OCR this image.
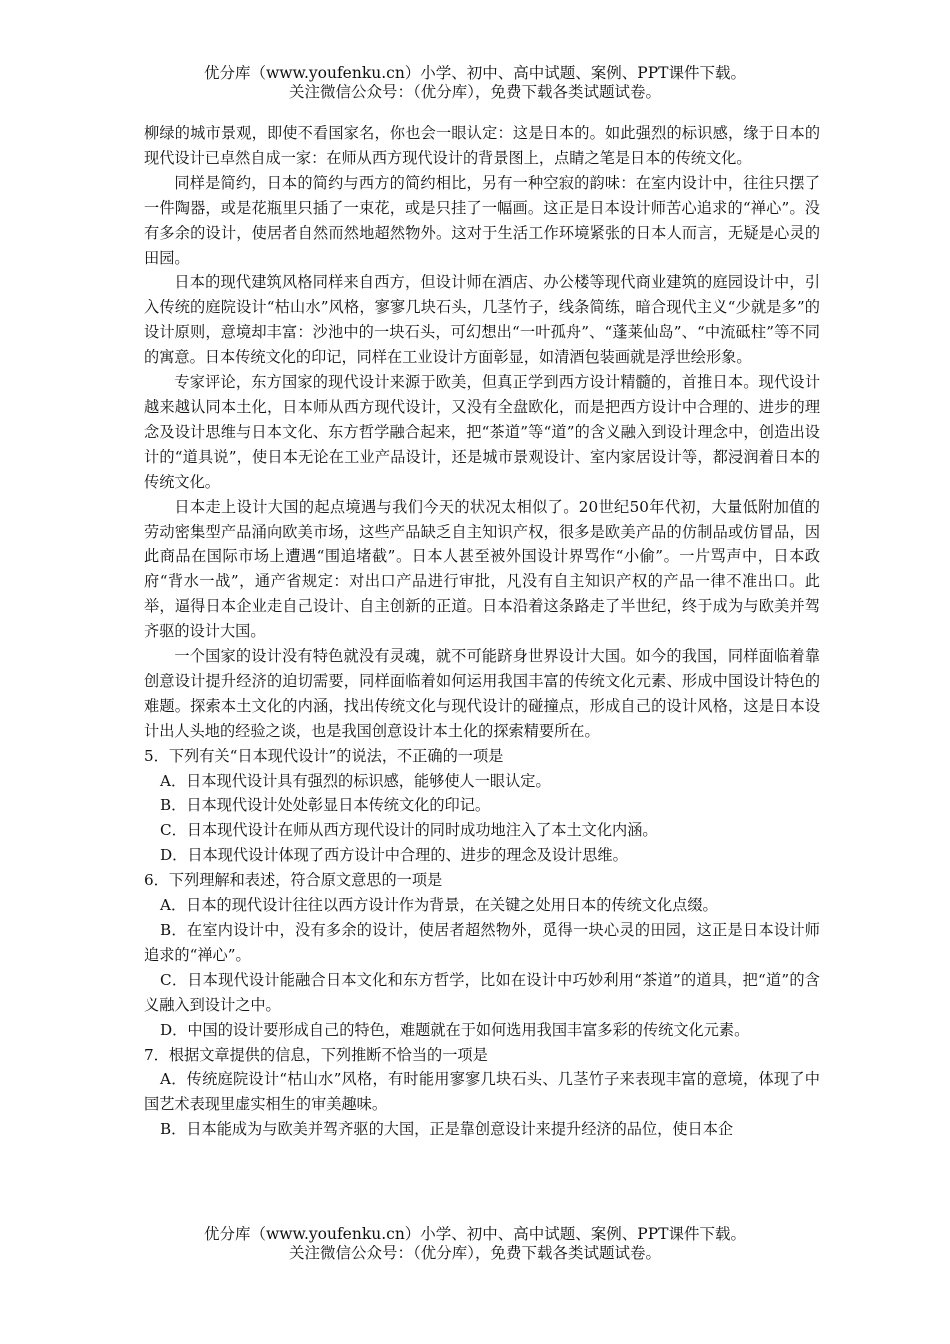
优分库（www.youfenku.cn）小学、初中、高中试题、案例、PPT课件下载。
关注微信公众号：（优分库），免费下载各类试题试卷。

柳绿的城市景观，即使不看国家名，你也会一眼认定：这是日本的。如此强烈的标识感，缘于日本的现代设计已卓然自成一家：在师从西方现代设计的背景图上，点睛之笔是日本的传统文化。

同样是简约，日本的简约与西方的简约相比，另有一种空寂的韵味：在室内设计中，往往只摆了一件陶器，或是花瓶里只插了一束花，或是只挂了一幅画。这正是日本设计师苦心追求的“禅心”。没有多余的设计，使居者自然而然地超然物外。这对于生活工作环境紧张的日本人而言，无疑是心灵的田园。

日本的现代建筑风格同样来自西方，但设计师在酒店、办公楼等现代商业建筑的庭园设计中，引入传统的庭院设计“枯山水”风格，寥寥几块石头，几茎竹子，线条简练，暗合现代主义“少就是多”的设计原则，意境却丰富：沙池中的一块石头，可幻想出“一叶孤舟”、“蓬莱仙岛”、“中流砥柱”等不同的寓意。日本传统文化的印记，同样在工业设计方面彰显，如清酒包装画就是浮世绘形象。

专家评论，东方国家的现代设计来源于欧美，但真正学到西方设计精髓的，首推日本。现代设计越来越认同本土化，日本师从西方现代设计，又没有全盘欧化，而是把西方设计中合理的、进步的理念及设计思维与日本文化、东方哲学融合起来，把“茶道”等“道”的含义融入到设计理念中，创造出设计的“道具说”，使日本无论在工业产品设计，还是城市景观设计、室内家居设计等，都浸润着日本的传统文化。

日本走上设计大国的起点境遇与我们今天的状况太相似了。20世纪50年代初，大量低附加值的劳动密集型产品涌向欧美市场，这些产品缺乏自主知识产权，很多是欧美产品的仿制品或仿冒品，因此商品在国际市场上遭遇“围追堵截”。日本人甚至被外国设计界骂作“小偷”。一片骂声中，日本政府“背水一战”，通产省规定：对出口产品进行审批，凡没有自主知识产权的产品一律不准出口。此举，逼得日本企业走自己设计、自主创新的正道。日本沿着这条路走了半世纪，终于成为与欧美并驾齐驱的设计大国。

一个国家的设计没有特色就没有灵魂，就不可能跻身世界设计大国。如今的我国，同样面临着靠创意设计提升经济的迫切需要，同样面临着如何运用我国丰富的传统文化元素、形成中国设计特色的难题。探索本土文化的内涵，找出传统文化与现代设计的碰撞点，形成自己的设计风格，这是日本设计出人头地的经验之谈，也是我国创意设计本土化的探索精要所在。

5．下列有关“日本现代设计”的说法，不正确的一项是

A．日本现代设计具有强烈的标识感，能够使人一眼认定。

B．日本现代设计处处彰显日本传统文化的印记。

C．日本现代设计在师从西方现代设计的同时成功地注入了本土文化内涵。

D．日本现代设计体现了西方设计中合理的、进步的理念及设计思维。

6．下列理解和表述，符合原文意思的一项是

A．日本的现代设计往往以西方设计作为背景，在关键之处用日本的传统文化点缀。

B．在室内设计中，没有多余的设计，使居者超然物外，觅得一块心灵的田园，这正是日本设计师追求的“禅心”。

C．日本现代设计能融合日本文化和东方哲学，比如在设计中巧妙利用“茶道”的道具，把“道”的含义融入到设计之中。

D．中国的设计要形成自己的特色，难题就在于如何选用我国丰富多彩的传统文化元素。

7．根据文章提供的信息，下列推断不恰当的一项是

A．传统庭院设计“枯山水”风格，有时能用寥寥几块石头、几茎竹子来表现丰富的意境，体现了中国艺术表现里虚实相生的审美趣味。

B．日本能成为与欧美并驾齐驱的大国，正是靠创意设计来提升经济的品位，使日本企

优分库（www.youfenku.cn）小学、初中、高中试题、案例、PPT课件下载。
关注微信公众号：（优分库），免费下载各类试题试卷。
